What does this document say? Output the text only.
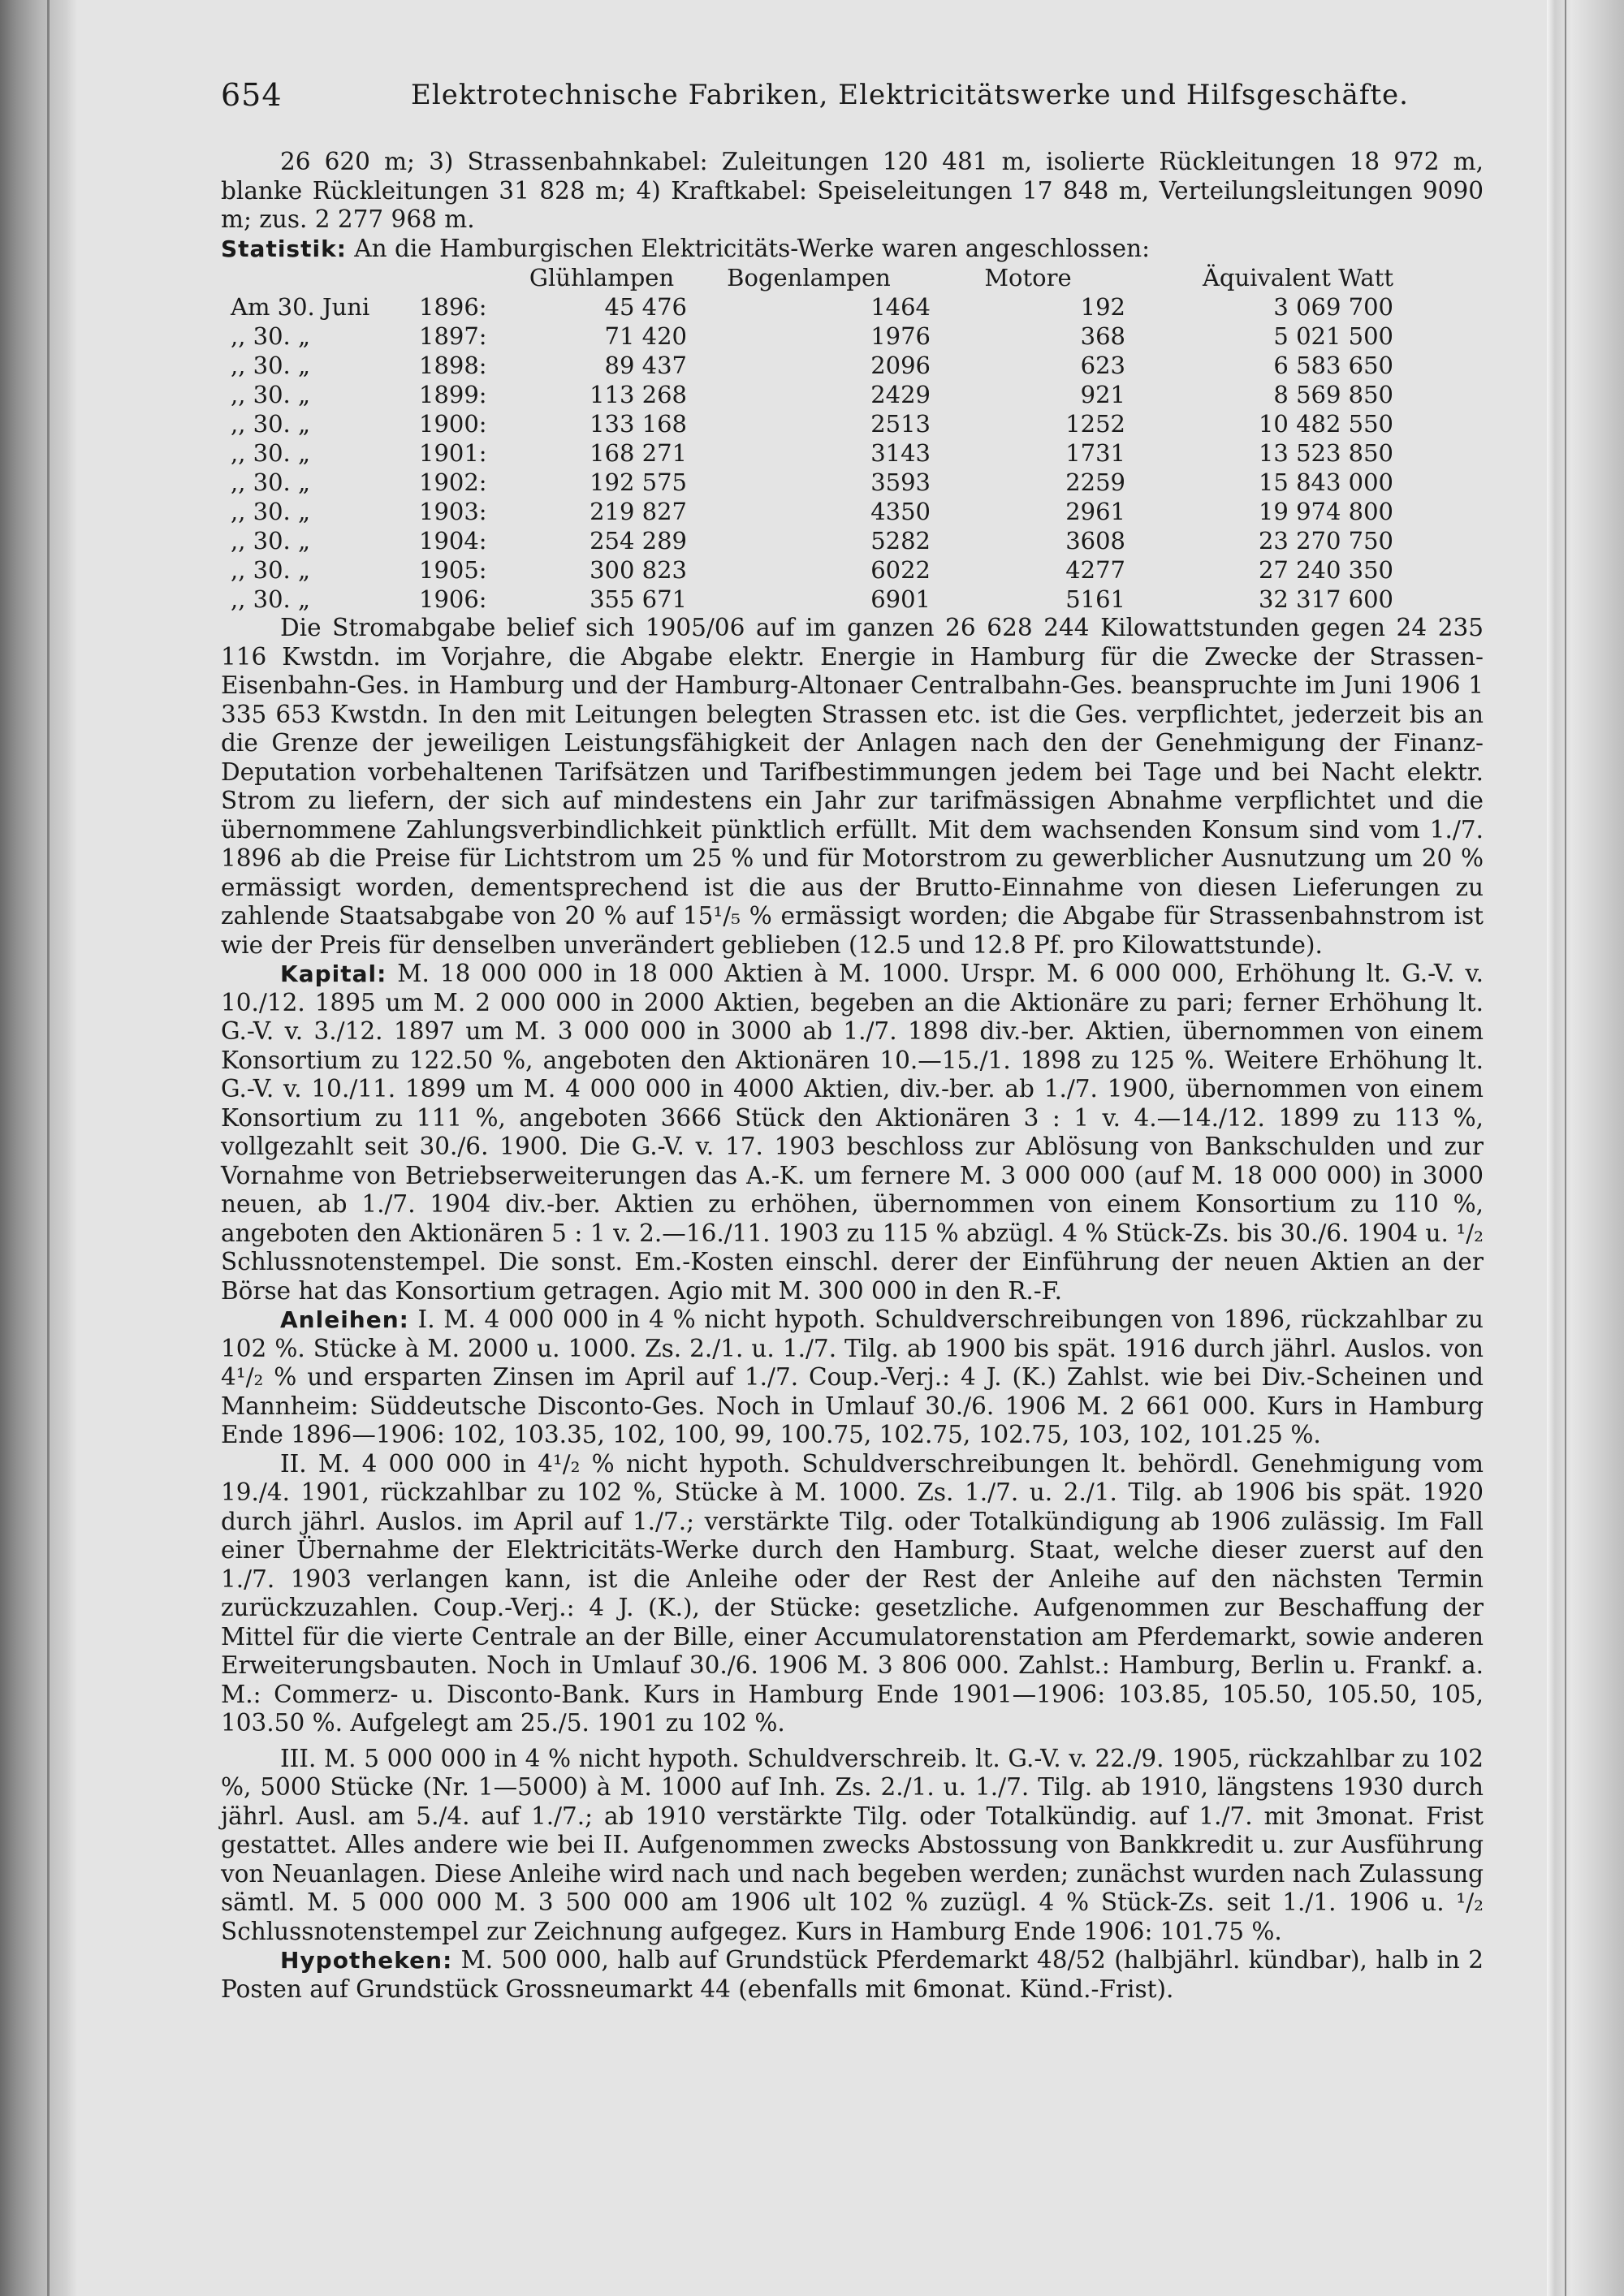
654	Elektrotechnische Fabriken, Elektricitätswerke und Hilfsgeschäfte.

26 620 m; 3) Strassenbahnkabel: Zuleitungen 120 481 m, isolierte Rückleitungen 18 972 m, blanke Rückleitungen 31 828 m; 4) Kraftkabel: Speiseleitungen 17 848 m, Verteilungsleitungen 9090 m; zus. 2 277 968 m.

Statistik: An die Hamburgischen Elektricitäts-Werke waren angeschlossen:

		Glühlampen	Bogenlampen	Motore	Äquivalent Watt
Am 30. Juni	1896:	45 476	1464	192	3 069 700
,, 30. „	1897:	71 420	1976	368	5 021 500
,, 30. „	1898:	89 437	2096	623	6 583 650
,, 30. „	1899:	113 268	2429	921	8 569 850
,, 30. „	1900:	133 168	2513	1252	10 482 550
,, 30. „	1901:	168 271	3143	1731	13 523 850
,, 30. „	1902:	192 575	3593	2259	15 843 000
,, 30. „	1903:	219 827	4350	2961	19 974 800
,, 30. „	1904:	254 289	5282	3608	23 270 750
,, 30. „	1905:	300 823	6022	4277	27 240 350
,, 30. „	1906:	355 671	6901	5161	32 317 600

Die Stromabgabe belief sich 1905/06 auf im ganzen 26 628 244 Kilowattstunden gegen 24 235 116 Kwstdn. im Vorjahre, die Abgabe elektr. Energie in Hamburg für die Zwecke der Strassen-Eisenbahn-Ges. in Hamburg und der Hamburg-Altonaer Centralbahn-Ges. beanspruchte im Juni 1906 1 335 653 Kwstdn. In den mit Leitungen belegten Strassen etc. ist die Ges. verpflichtet, jederzeit bis an die Grenze der jeweiligen Leistungsfähigkeit der Anlagen nach den der Genehmigung der Finanz-Deputation vorbehaltenen Tarifsätzen und Tarifbestimmungen jedem bei Tage und bei Nacht elektr. Strom zu liefern, der sich auf mindestens ein Jahr zur tarifmässigen Abnahme verpflichtet und die übernommene Zahlungsverbindlichkeit pünktlich erfüllt. Mit dem wachsenden Konsum sind vom 1./7. 1896 ab die Preise für Lichtstrom um 25 % und für Motorstrom zu gewerblicher Ausnutzung um 20 % ermässigt worden, dementsprechend ist die aus der Brutto-Einnahme von diesen Lieferungen zu zahlende Staatsabgabe von 20 % auf 15¹/₅ % ermässigt worden; die Abgabe für Strassenbahnstrom ist wie der Preis für denselben unverändert geblieben (12.5 und 12.8 Pf. pro Kilowattstunde).

Kapital: M. 18 000 000 in 18 000 Aktien à M. 1000. Urspr. M. 6 000 000, Erhöhung lt. G.-V. v. 10./12. 1895 um M. 2 000 000 in 2000 Aktien, begeben an die Aktionäre zu pari; ferner Erhöhung lt. G.-V. v. 3./12. 1897 um M. 3 000 000 in 3000 ab 1./7. 1898 div.-ber. Aktien, übernommen von einem Konsortium zu 122.50 %, angeboten den Aktionären 10.—15./1. 1898 zu 125 %. Weitere Erhöhung lt. G.-V. v. 10./11. 1899 um M. 4 000 000 in 4000 Aktien, div.-ber. ab 1./7. 1900, übernommen von einem Konsortium zu 111 %, angeboten 3666 Stück den Aktionären 3 : 1 v. 4.—14./12. 1899 zu 113 %, vollgezahlt seit 30./6. 1900. Die G.-V. v. 17. 1903 beschloss zur Ablösung von Bankschulden und zur Vornahme von Betriebserweiterungen das A.-K. um fernere M. 3 000 000 (auf M. 18 000 000) in 3000 neuen, ab 1./7. 1904 div.-ber. Aktien zu erhöhen, übernommen von einem Konsortium zu 110 %, angeboten den Aktionären 5 : 1 v. 2.—16./11. 1903 zu 115 % abzügl. 4 % Stück-Zs. bis 30./6. 1904 u. ¹/₂ Schlussnotenstempel. Die sonst. Em.-Kosten einschl. derer der Einführung der neuen Aktien an der Börse hat das Konsortium getragen. Agio mit M. 300 000 in den R.-F.

Anleihen: I. M. 4 000 000 in 4 % nicht hypoth. Schuldverschreibungen von 1896, rückzahlbar zu 102 %. Stücke à M. 2000 u. 1000. Zs. 2./1. u. 1./7. Tilg. ab 1900 bis spät. 1916 durch jährl. Auslos. von 4¹/₂ % und ersparten Zinsen im April auf 1./7. Coup.-Verj.: 4 J. (K.) Zahlst. wie bei Div.-Scheinen und Mannheim: Süddeutsche Disconto-Ges. Noch in Umlauf 30./6. 1906 M. 2 661 000. Kurs in Hamburg Ende 1896—1906: 102, 103.35, 102, 100, 99, 100.75, 102.75, 102.75, 103, 102, 101.25 %.

II. M. 4 000 000 in 4¹/₂ % nicht hypoth. Schuldverschreibungen lt. behördl. Genehmigung vom 19./4. 1901, rückzahlbar zu 102 %, Stücke à M. 1000. Zs. 1./7. u. 2./1. Tilg. ab 1906 bis spät. 1920 durch jährl. Auslos. im April auf 1./7.; verstärkte Tilg. oder Totalkündigung ab 1906 zulässig. Im Fall einer Übernahme der Elektricitäts-Werke durch den Hamburg. Staat, welche dieser zuerst auf den 1./7. 1903 verlangen kann, ist die Anleihe oder der Rest der Anleihe auf den nächsten Termin zurückzuzahlen. Coup.-Verj.: 4 J. (K.), der Stücke: gesetzliche. Aufgenommen zur Beschaffung der Mittel für die vierte Centrale an der Bille, einer Accumulatorenstation am Pferdemarkt, sowie anderen Erweiterungsbauten. Noch in Umlauf 30./6. 1906 M. 3 806 000. Zahlst.: Hamburg, Berlin u. Frankf. a. M.: Commerz- u. Disconto-Bank. Kurs in Hamburg Ende 1901—1906: 103.85, 105.50, 105.50, 105, 103.50 %. Aufgelegt am 25./5. 1901 zu 102 %.

III. M. 5 000 000 in 4 % nicht hypoth. Schuldverschreib. lt. G.-V. v. 22./9. 1905, rückzahlbar zu 102 %, 5000 Stücke (Nr. 1—5000) à M. 1000 auf Inh. Zs. 2./1. u. 1./7. Tilg. ab 1910, längstens 1930 durch jährl. Ausl. am 5./4. auf 1./7.; ab 1910 verstärkte Tilg. oder Totalkündig. auf 1./7. mit 3monat. Frist gestattet. Alles andere wie bei II. Aufgenommen zwecks Abstossung von Bankkredit u. zur Ausführung von Neuanlagen. Diese Anleihe wird nach und nach begeben werden; zunächst wurden nach Zulassung sämtl. M. 5 000 000 M. 3 500 000 am 1906 ult 102 % zuzügl. 4 % Stück-Zs. seit 1./1. 1906 u. ¹/₂ Schlussnotenstempel zur Zeichnung aufgegez. Kurs in Hamburg Ende 1906: 101.75 %.

Hypotheken: M. 500 000, halb auf Grundstück Pferdemarkt 48/52 (halbjährl. kündbar), halb in 2 Posten auf Grundstück Grossneumarkt 44 (ebenfalls mit 6monat. Künd.-Frist).
